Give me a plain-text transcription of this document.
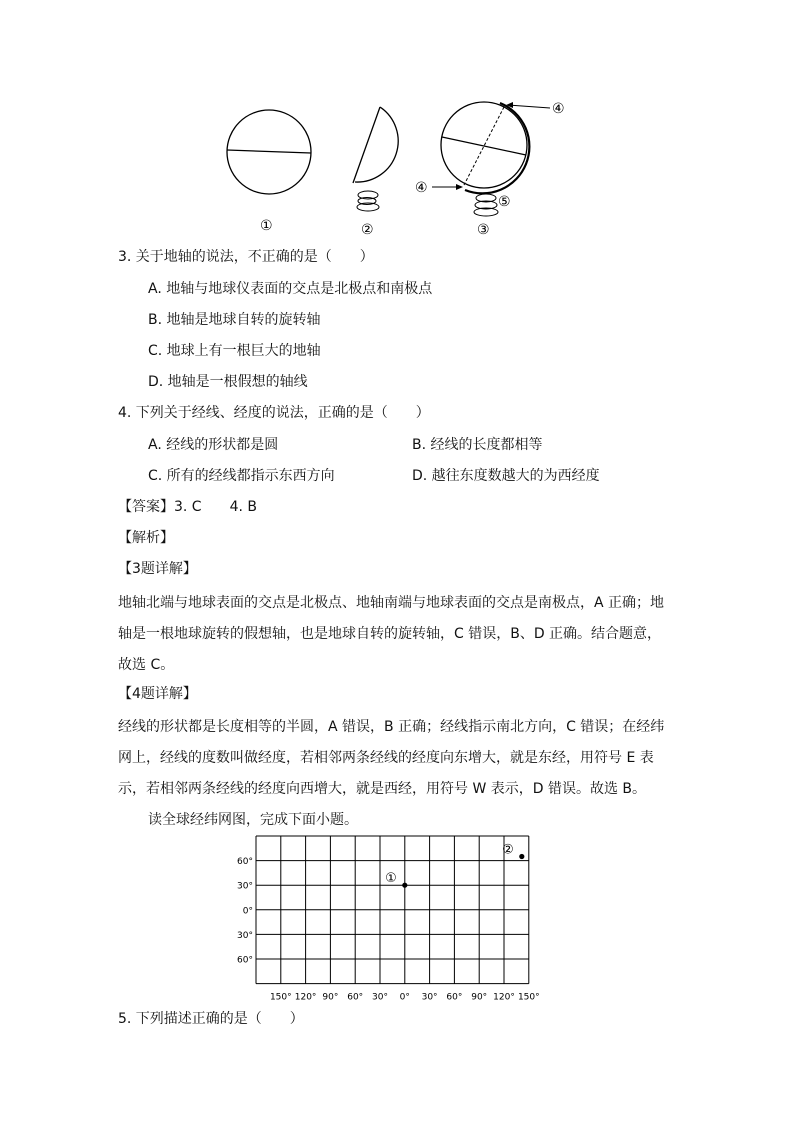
①	②	③
④
④
⑤
3. 关于地轴的说法，不正确的是（　　）
A. 地轴与地球仪表面的交点是北极点和南极点
B. 地轴是地球自转的旋转轴
C. 地球上有一根巨大的地轴
D. 地轴是一根假想的轴线
4. 下列关于经线、经度的说法，正确的是（　　）
A. 经线的形状都是圆	B. 经线的长度都相等
C. 所有的经线都指示东西方向	D. 越往东度数越大的为西经度
【答案】3. C　　4. B
【解析】
【3题详解】
地轴北端与地球表面的交点是北极点、地轴南端与地球表面的交点是南极点，A 正确；地
轴是一根地球旋转的假想轴，也是地球自转的旋转轴，C 错误，B、D 正确。结合题意，
故选 C。
【4题详解】
经线的形状都是长度相等的半圆，A 错误，B 正确；经线指示南北方向，C 错误；在经纬
网上，经线的度数叫做经度，若相邻两条经线的经度向东增大，就是东经，用符号 E 表
示，若相邻两条经线的经度向西增大，就是西经，用符号 W 表示，D 错误。故选 B。
读全球经纬网图，完成下面小题。
60°
30°
0°
30°
60°
150° 120° 90° 60° 30° 0° 30° 60° 90° 120° 150°
①
②
5. 下列描述正确的是（　　）
